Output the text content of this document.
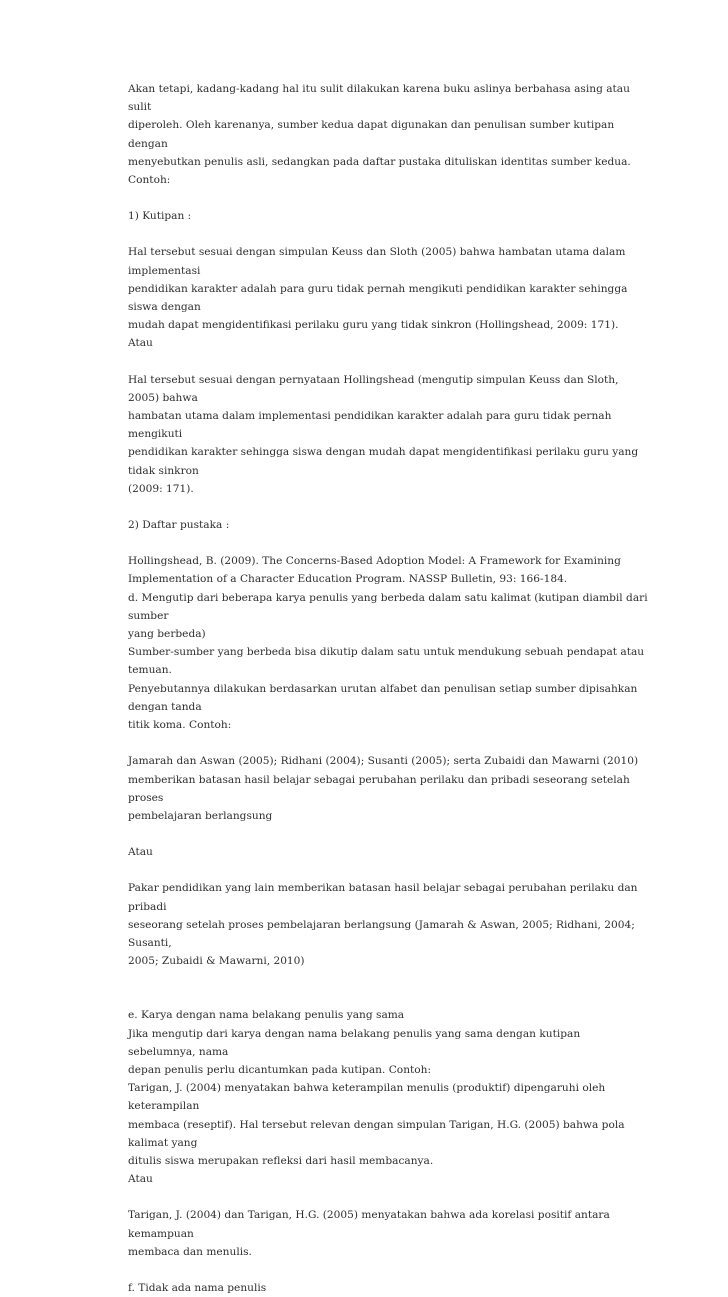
Akan tetapi, kadang-kadang hal itu sulit dilakukan karena buku aslinya berbahasa asing atau sulit
diperoleh. Oleh karenanya, sumber kedua dapat digunakan dan penulisan sumber kutipan dengan
menyebutkan penulis asli, sedangkan pada daftar pustaka dituliskan identitas sumber kedua. Contoh:

1) Kutipan :

Hal tersebut sesuai dengan simpulan Keuss dan Sloth (2005) bahwa hambatan utama dalam implementasi
pendidikan karakter adalah para guru tidak pernah mengikuti pendidikan karakter sehingga siswa dengan
mudah dapat mengidentifikasi perilaku guru yang tidak sinkron (Hollingshead, 2009: 171).
Atau

Hal tersebut sesuai dengan pernyataan Hollingshead (mengutip simpulan Keuss dan Sloth, 2005) bahwa
hambatan utama dalam implementasi pendidikan karakter adalah para guru tidak pernah mengikuti
pendidikan karakter sehingga siswa dengan mudah dapat mengidentifikasi perilaku guru yang tidak sinkron
(2009: 171).

2) Daftar pustaka :

Hollingshead, B. (2009). The Concerns-Based Adoption Model: A Framework for Examining
Implementation of a Character Education Program. NASSP Bulletin, 93: 166-184.
d. Mengutip dari beberapa karya penulis yang berbeda dalam satu kalimat (kutipan diambil dari sumber
yang berbeda)
Sumber-sumber yang berbeda bisa dikutip dalam satu untuk mendukung sebuah pendapat atau temuan.
Penyebutannya dilakukan berdasarkan urutan alfabet dan penulisan setiap sumber dipisahkan dengan tanda
titik koma. Contoh:

Jamarah dan Aswan (2005); Ridhani (2004); Susanti (2005); serta Zubaidi dan Mawarni (2010)
memberikan batasan hasil belajar sebagai perubahan perilaku dan pribadi seseorang setelah proses
pembelajaran berlangsung

Atau

Pakar pendidikan yang lain memberikan batasan hasil belajar sebagai perubahan perilaku dan pribadi
seseorang setelah proses pembelajaran berlangsung (Jamarah & Aswan, 2005; Ridhani, 2004; Susanti,
2005; Zubaidi & Mawarni, 2010)

e. Karya dengan nama belakang penulis yang sama
Jika mengutip dari karya dengan nama belakang penulis yang sama dengan kutipan sebelumnya, nama
depan penulis perlu dicantumkan pada kutipan. Contoh:
Tarigan, J. (2004) menyatakan bahwa keterampilan menulis (produktif) dipengaruhi oleh keterampilan
membaca (reseptif). Hal tersebut relevan dengan simpulan Tarigan, H.G. (2005) bahwa pola kalimat yang
ditulis siswa merupakan refleksi dari hasil membacanya.
Atau

Tarigan, J. (2004) dan Tarigan, H.G. (2005) menyatakan bahwa ada korelasi positif antara kemampuan
membaca dan menulis.

f. Tidak ada nama penulis
